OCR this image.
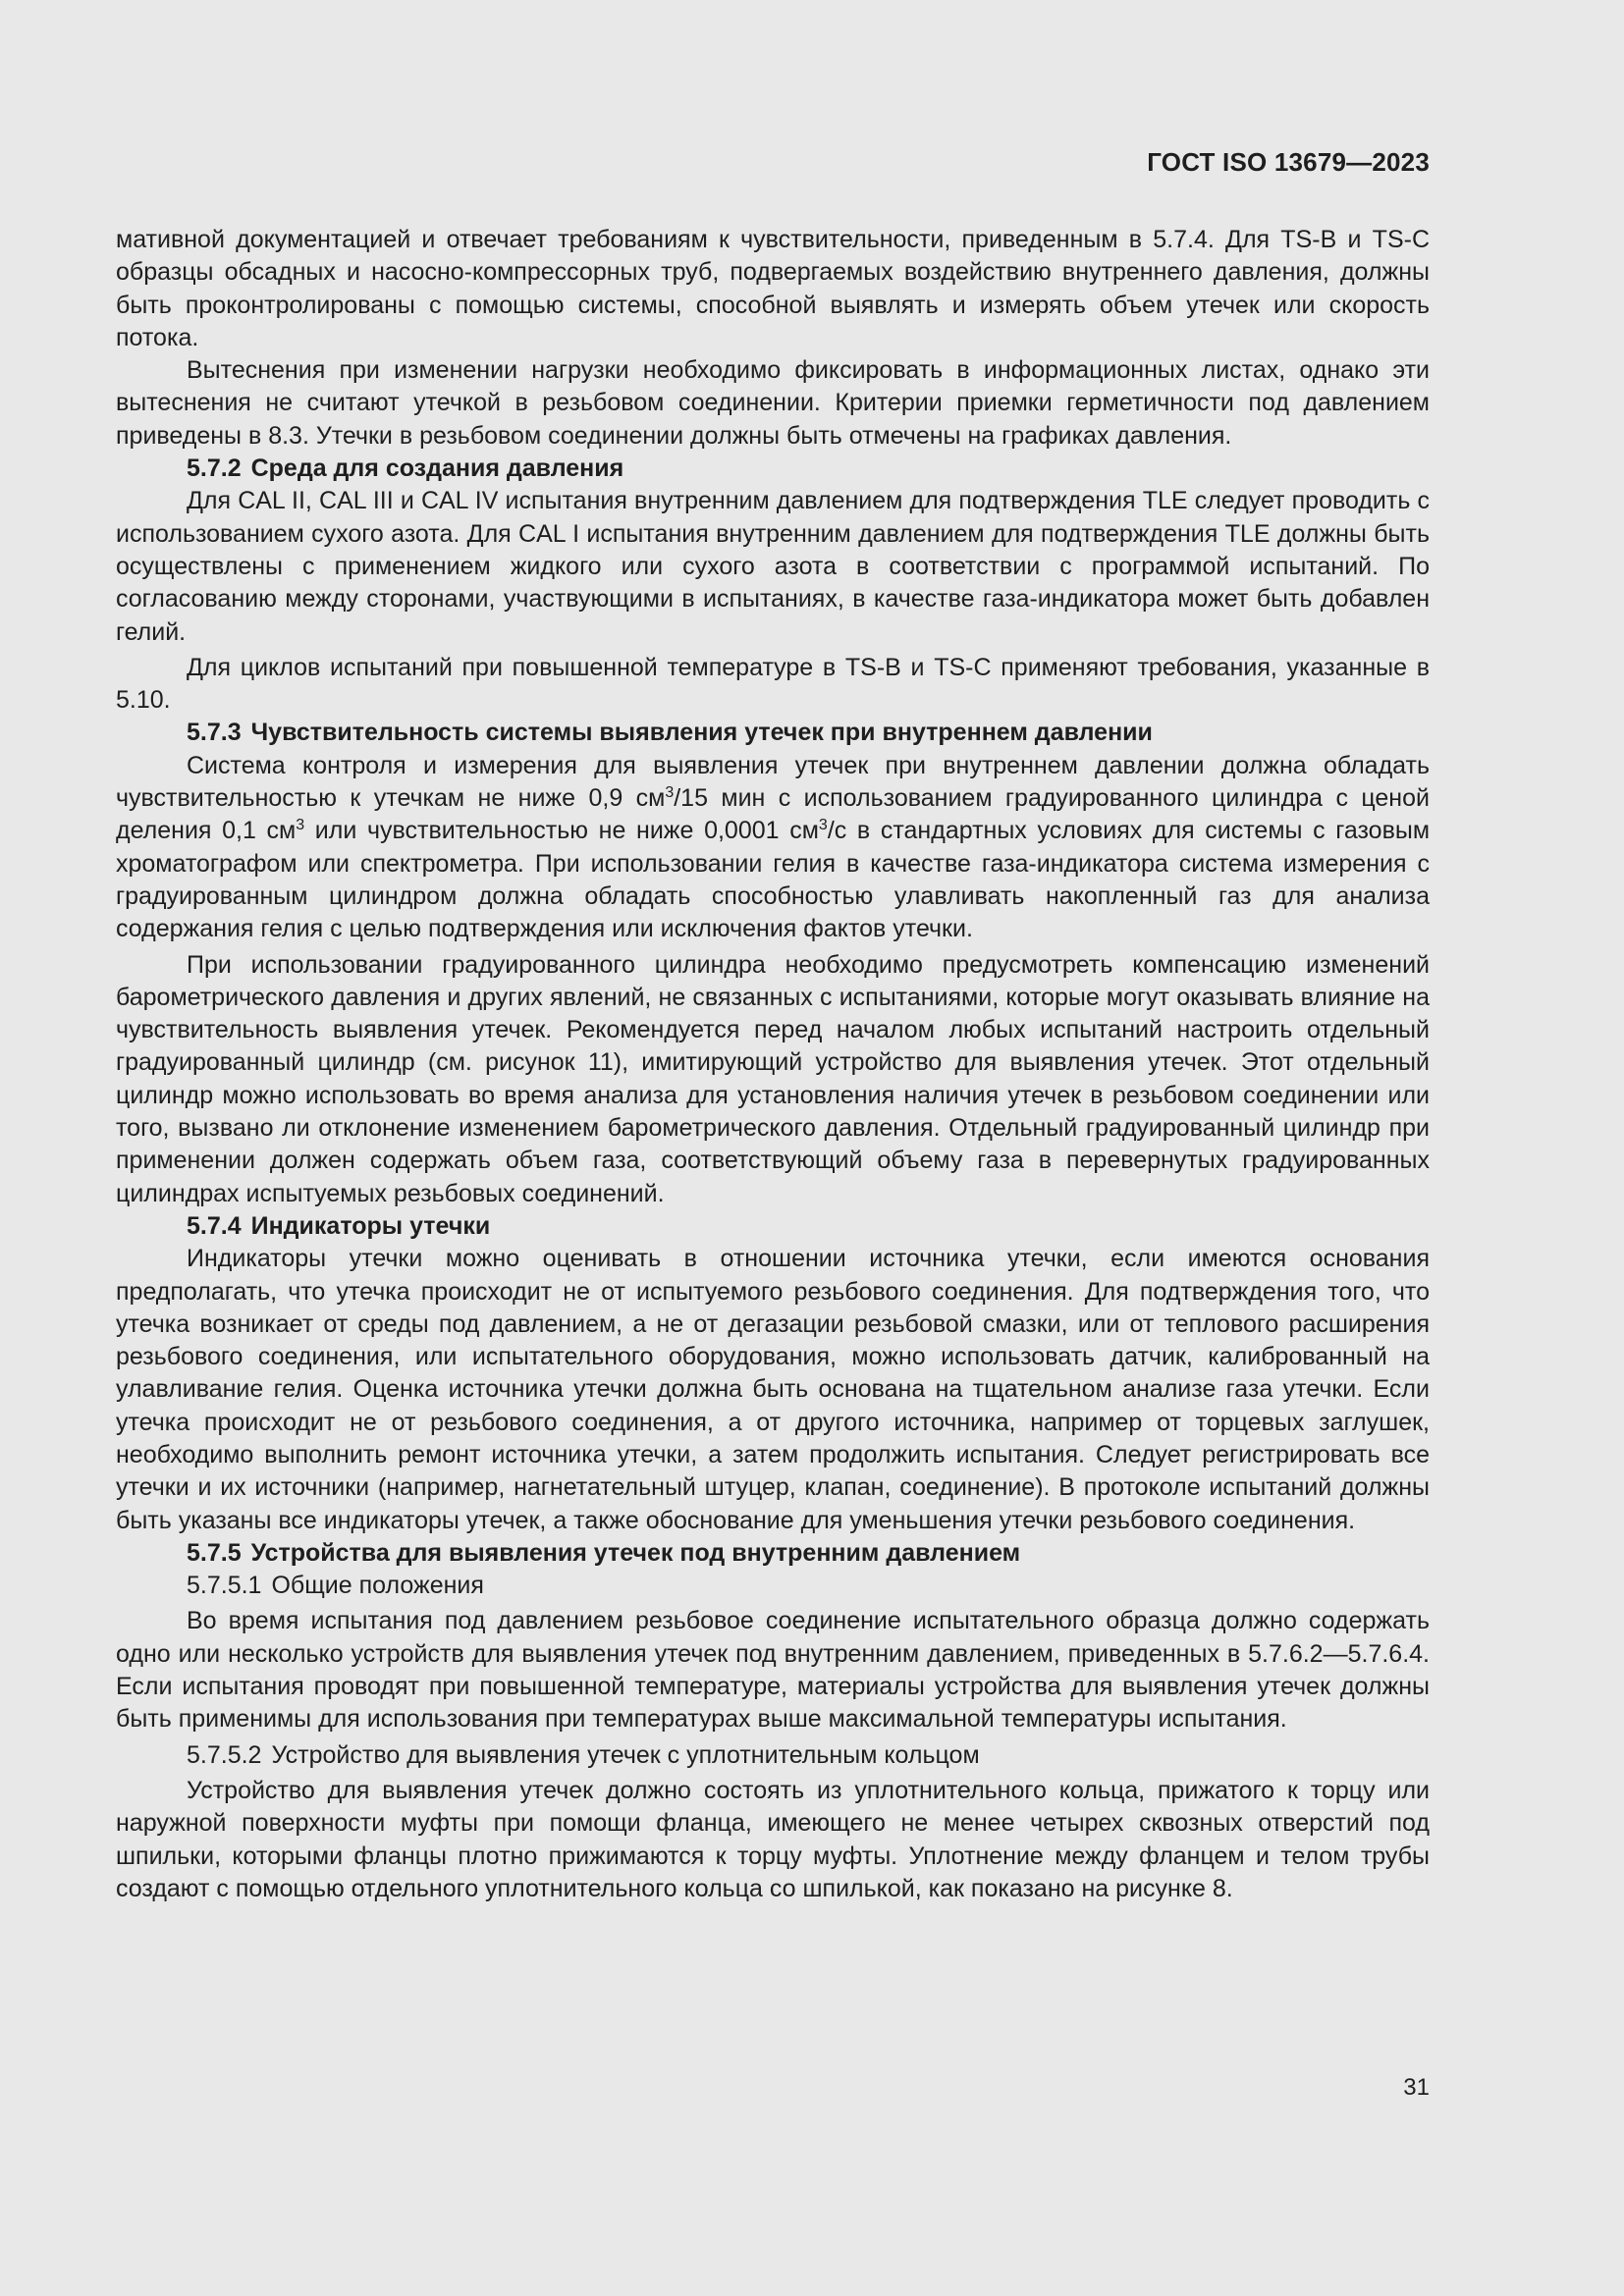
ГОСТ ISO 13679—2023

мативной документацией и отвечает требованиям к чувствительности, приведенным в 5.7.4. Для TS-B и TS-C образцы обсадных и насосно-компрессорных труб, подвергаемых воздействию внутреннего давления, должны быть проконтролированы с помощью системы, способной выявлять и измерять объем утечек или скорость потока.

Вытеснения при изменении нагрузки необходимо фиксировать в информационных листах, однако эти вытеснения не считают утечкой в резьбовом соединении. Критерии приемки герметичности под давлением приведены в 8.3. Утечки в резьбовом соединении должны быть отмечены на графиках давления.

5.7.2 Среда для создания давления

Для CAL II, CAL III и CAL IV испытания внутренним давлением для подтверждения TLE следует проводить с использованием сухого азота. Для CAL I испытания внутренним давлением для подтверждения TLE должны быть осуществлены с применением жидкого или сухого азота в соответствии с программой испытаний. По согласованию между сторонами, участвующими в испытаниях, в качестве газа-индикатора может быть добавлен гелий.

Для циклов испытаний при повышенной температуре в TS-B и TS-C применяют требования, указанные в 5.10.

5.7.3 Чувствительность системы выявления утечек при внутреннем давлении

Система контроля и измерения для выявления утечек при внутреннем давлении должна обладать чувствительностью к утечкам не ниже 0,9 $см^3/15$ мин с использованием градуированного цилиндра с ценой деления 0,1 $см^3$ или чувствительностью не ниже 0,0001 $см^3/с$ в стандартных условиях для системы с газовым хроматографом или спектрометра. При использовании гелия в качестве газа-индикатора система измерения с градуированным цилиндром должна обладать способностью улавливать накопленный газ для анализа содержания гелия с целью подтверждения или исключения фактов утечки.

При использовании градуированного цилиндра необходимо предусмотреть компенсацию изменений барометрического давления и других явлений, не связанных с испытаниями, которые могут оказывать влияние на чувствительность выявления утечек. Рекомендуется перед началом любых испытаний настроить отдельный градуированный цилиндр (см. рисунок 11), имитирующий устройство для выявления утечек. Этот отдельный цилиндр можно использовать во время анализа для установления наличия утечек в резьбовом соединении или того, вызвано ли отклонение изменением барометрического давления. Отдельный градуированный цилиндр при применении должен содержать объем газа, соответствующий объему газа в перевернутых градуированных цилиндрах испытуемых резьбовых соединений.

5.7.4 Индикаторы утечки

Индикаторы утечки можно оценивать в отношении источника утечки, если имеются основания предполагать, что утечка происходит не от испытуемого резьбового соединения. Для подтверждения того, что утечка возникает от среды под давлением, а не от дегазации резьбовой смазки, или от теплового расширения резьбового соединения, или испытательного оборудования, можно использовать датчик, калиброванный на улавливание гелия. Оценка источника утечки должна быть основана на тщательном анализе газа утечки. Если утечка происходит не от резьбового соединения, а от другого источника, например от торцевых заглушек, необходимо выполнить ремонт источника утечки, а затем продолжить испытания. Следует регистрировать все утечки и их источники (например, нагнетательный штуцер, клапан, соединение). В протоколе испытаний должны быть указаны все индикаторы утечек, а также обоснование для уменьшения утечки резьбового соединения.

5.7.5 Устройства для выявления утечек под внутренним давлением
5.7.5.1 Общие положения

Во время испытания под давлением резьбовое соединение испытательного образца должно содержать одно или несколько устройств для выявления утечек под внутренним давлением, приведенных в 5.7.6.2—5.7.6.4. Если испытания проводят при повышенной температуре, материалы устройства для выявления утечек должны быть применимы для использования при температурах выше максимальной температуры испытания.

5.7.5.2 Устройство для выявления утечек с уплотнительным кольцом

Устройство для выявления утечек должно состоять из уплотнительного кольца, прижатого к торцу или наружной поверхности муфты при помощи фланца, имеющего не менее четырех сквозных отверстий под шпильки, которыми фланцы плотно прижимаются к торцу муфты. Уплотнение между фланцем и телом трубы создают с помощью отдельного уплотнительного кольца со шпилькой, как показано на рисунке 8.

31
